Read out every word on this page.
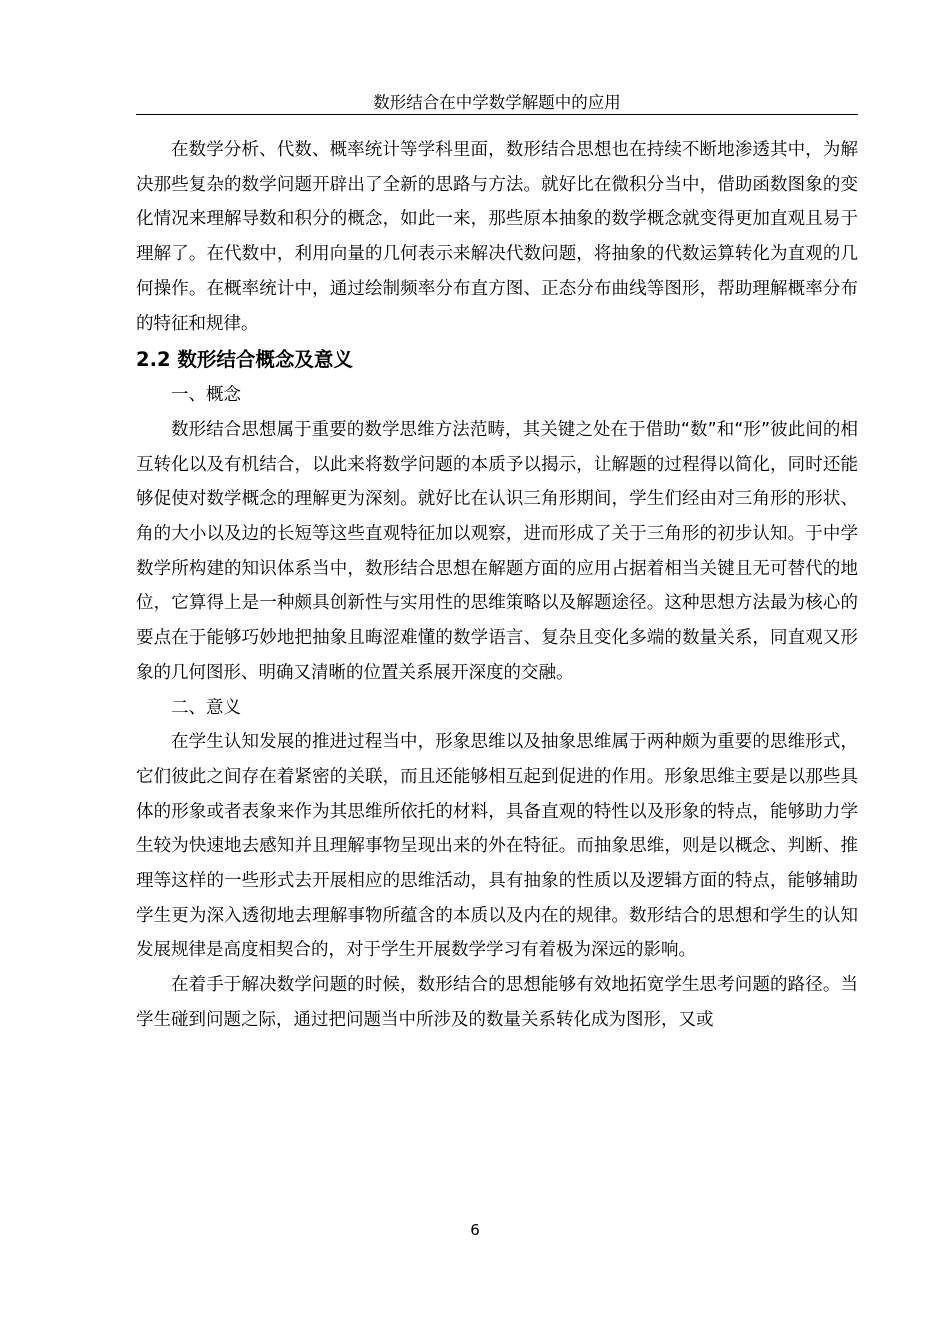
数形结合在中学数学解题中的应用

在数学分析、代数、概率统计等学科里面，数形结合思想也在持续不断地渗透其中，为解决那些复杂的数学问题开辟出了全新的思路与方法。就好比在微积分当中，借助函数图象的变化情况来理解导数和积分的概念，如此一来，那些原本抽象的数学概念就变得更加直观且易于理解了。在代数中，利用向量的几何表示来解决代数问题，将抽象的代数运算转化为直观的几何操作。在概率统计中，通过绘制频率分布直方图、正态分布曲线等图形，帮助理解概率分布的特征和规律。

2.2 数形结合概念及意义

一、概念

数形结合思想属于重要的数学思维方法范畴，其关键之处在于借助“数”和“形”彼此间的相互转化以及有机结合，以此来将数学问题的本质予以揭示，让解题的过程得以简化，同时还能够促使对数学概念的理解更为深刻。就好比在认识三角形期间，学生们经由对三角形的形状、角的大小以及边的长短等这些直观特征加以观察，进而形成了关于三角形的初步认知。于中学数学所构建的知识体系当中，数形结合思想在解题方面的应用占据着相当关键且无可替代的地位，它算得上是一种颇具创新性与实用性的思维策略以及解题途径。这种思想方法最为核心的要点在于能够巧妙地把抽象且晦涩难懂的数学语言、复杂且变化多端的数量关系，同直观又形象的几何图形、明确又清晰的位置关系展开深度的交融。

二、意义

在学生认知发展的推进过程当中，形象思维以及抽象思维属于两种颇为重要的思维形式，它们彼此之间存在着紧密的关联，而且还能够相互起到促进的作用。形象思维主要是以那些具体的形象或者表象来作为其思维所依托的材料，具备直观的特性以及形象的特点，能够助力学生较为快速地去感知并且理解事物呈现出来的外在特征。而抽象思维，则是以概念、判断、推理等这样的一些形式去开展相应的思维活动，具有抽象的性质以及逻辑方面的特点，能够辅助学生更为深入透彻地去理解事物所蕴含的本质以及内在的规律。数形结合的思想和学生的认知发展规律是高度相契合的，对于学生开展数学学习有着极为深远的影响。

在着手于解决数学问题的时候，数形结合的思想能够有效地拓宽学生思考问题的路径。当学生碰到问题之际，通过把问题当中所涉及的数量关系转化成为图形，又或

6
